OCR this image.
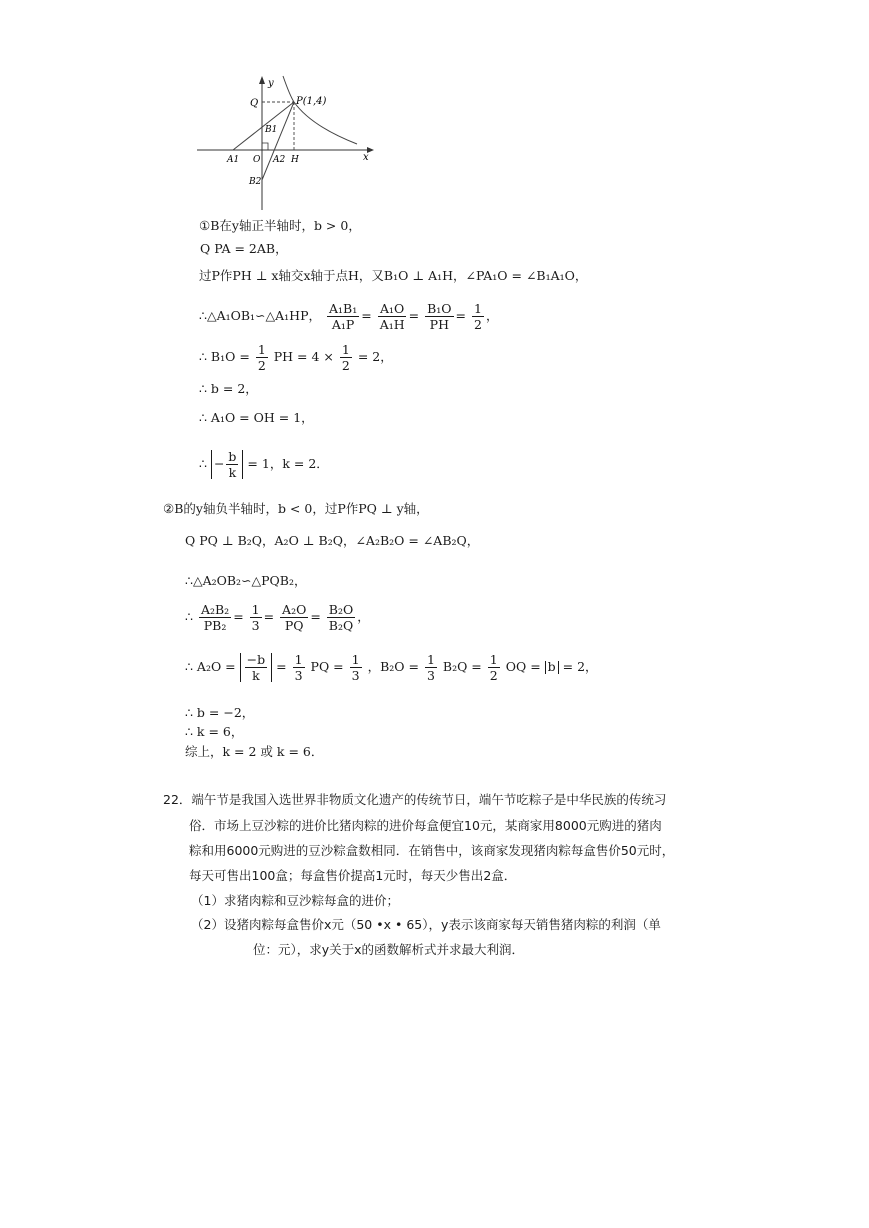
y
Q	P(1,4)
B1
A1 O A2 H	x
B2
①B在y轴正半轴时，b > 0，
Q PA = 2AB，
过P作PH ⊥ x轴交x轴于点H，又B₁O ⊥ A₁H，∠PA₁O = ∠B₁A₁O，
∴△A₁OB₁∽△A₁HP， $\frac{\text{A₁B₁}}{\text{A₁P}} = \frac{\text{A₁O}}{\text{A₁H}} = \frac{\text{B₁O}}{PH} = \frac{1}{2}$ ，
∴ $B_1O = \frac{1}{2}$ PH = $4 \times \frac{1}{2} = 2$，
∴ b = 2，
∴ A₁O = OH = 1，
∴ − $\frac{b}{k} = 1$，k = 2．
②B的y轴负半轴时，b < 0，过P作PQ ⊥ y轴，
Q PQ ⊥ B₂Q，A₂O ⊥ B₂Q，∠A₂B₂O = ∠AB₂Q，
∴△A₂OB₂∽△PQB₂，
∴ $\frac{\text{A₂B₂}}{\text{PB₂}} = \frac{1}{3} = \frac{\text{A₂O}}{PQ} = \frac{\text{B₂O}}{\text{B₂Q}}$ ，
∴ $A_2O = \frac{-b}{k} = \frac{1}{3}$ PQ = $\frac{1}{3}$ ，$B_2O = \frac{1}{3} B_2Q = \frac{1}{2}$ OQ = b = 2，
∴ b = −2，
∴ k = 6，
综上，k = 2 或 k = 6．
22．端午节是我国入选世界非物质文化遗产的传统节日，端午节吃粽子是中华民族的传统习
俗．市场上豆沙粽的进价比猪肉粽的进价每盒便宜10元，某商家用8000元购进的猪肉
粽和用6000元购进的豆沙粽盒数相同．在销售中，该商家发现猪肉粽每盒售价50元时，
每天可售出100盒；每盒售价提高1元时，每天少售出2盒．
（1）求猪肉粽和豆沙粽每盒的进价；
（2）设猪肉粽每盒售价x元（50 •x • 65），y表示该商家每天销售猪肉粽的利润（单
位：元），求y关于x的函数解析式并求最大利润．
